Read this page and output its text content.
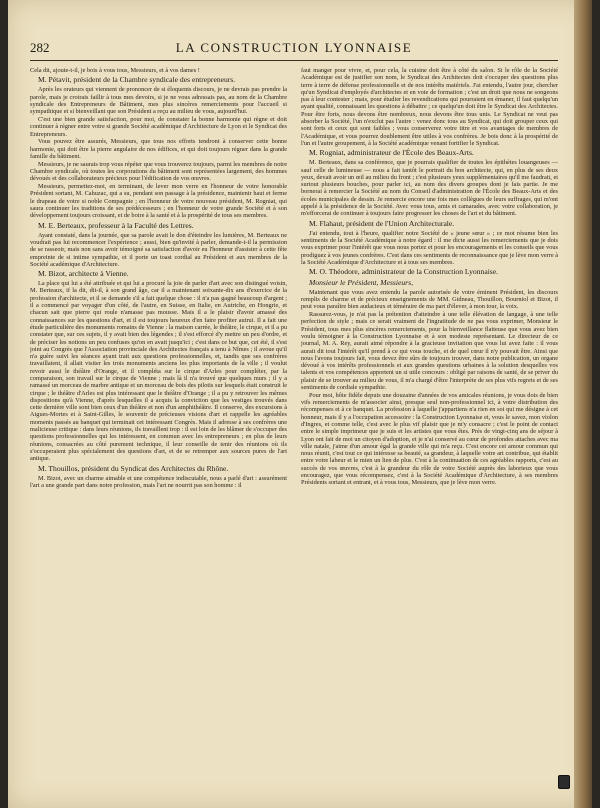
282	LA CONSTRUCTION LYONNAISE

Cela dit, ajoute-t-il, je bois à vous tous, Messieurs, et à vos dames !

M. Pétavit, président de la Chambre syndicale des entrepreneurs.

Après les orateurs qui viennent de prononcer de si éloquents discours, je ne devrais pas prendre la parole, mais je croirais faillir à tous mes devoirs, si je ne vous adressais pas, au nom de la Chambre syndicale des Entrepreneurs de Bâtiment, mes plus sincères remerciements pour l'accueil si sympathique et si bienveillant que son Président a reçu au milieu de vous, aujourd'hui.

C'est une bien grande satisfaction, pour moi, de constater la bonne harmonie qui règne et doit continuer à régner entre votre si grande Société académique d'Architecture de Lyon et le Syndicat des Entrepreneurs.

Vous pouvez être assurés, Messieurs, que tous nos efforts tendront à conserver cette bonne harmonie, qui doit être la pierre angulaire de nos édifices, et qui doit toujours régner dans la grande famille du bâtiment.

Messieurs, je ne saurais trop vous répéter que vous trouverez toujours, parmi les membres de notre Chambre syndicale, où toutes les corporations du bâtiment sont représentées largement, des hommes dévoués et des collaborateurs précieux pour l'édification de vos œuvres.

Messieurs, permettez-moi, en terminant, de lever mon verre en l'honneur de votre honorable Président sortant, M. Cahuzac, qui a su, pendant son passage à la présidence, maintenir haut et ferme le drapeau de votre si noble Compagnie ; en l'honneur de votre nouveau président, M. Rogniat, qui saura continuer les traditions de ses prédécesseurs ; en l'honneur de votre grande Société et à son développement toujours croissant, et de boire à la santé et à la prospérité de tous ses membres.

M. E. Berteaux, professeur à la Faculté des Lettres.

Ayant constaté, dans la journée, que sa parole avait le don d'éteindre les lumières, M. Berteaux ne voudrait pas lui recommencer l'expérience ; aussi, bien qu'invité à parler, demande-t-il la permission de se rasseoir, mais non sans avoir témoigné sa satisfaction d'avoir eu l'honneur d'assister à cette fête empreinte de si intime sympathie, et il porte un toast cordial au Président et aux membres de la Société académique d'Architecture.

M. Bizot, architecte à Vienne.

La place qui lui a été attribuée et qui lui a procuré la joie de parler d'art avec son distingué voisin, M. Berteaux, if la dit, dit-il, à son grand âge, car il a maintenant soixante-dix ans d'exercice de la profession d'architecte, et il se demande s'il a fait quelque chose : il n'a pas gagné beaucoup d'argent ; il a commencé par voyager d'un côté, de l'autre, en Suisse, en Italie, en Autriche, en Hongrie, et chacun sait que pierre qui roule n'amasse pas mousse. Mais il a le plaisir d'avoir amassé des connaissances sur les questions d'art, et il est toujours heureux d'en faire profiter autrui. Il a fait une étude particulière des monuments romains de Vienne : la maison carrée, le théâtre, le cirque, et il a pu constater que, sur ces sujets, il y avait bien des légendes ; il s'est efforcé d'y mettre un peu d'ordre, et de préciser les notions un peu confuses qu'on en avait jusqu'ici ; c'est dans ce but que, cet été, il s'est joint au Congrès que l'Association provinciale des Architectes français a tenu à Nîmes ; il avoue qu'il n'a guère suivi les séances ayant trait aux questions professionnelles, et, tandis que ses confrères travaillaient, il allait visiter les trois monuments anciens les plus importants de la ville ; il voulut revoir aussi le théâtre d'Orange, et il compléta sur le cirque d'Arles pour compléter, par la comparaison, son travail sur le cirque de Vienne ; mais là il n'a trouvé que quelques murs ; il y a ramassé un morceau de marbre antique et un morceau de bois des pilotis sur lesquels était construit le cirque ; le théâtre d'Arles est plus intéressant que le théâtre d'Orange ; il a pu y retrouver les mêmes dispositions qu'à Vienne, d'après lesquelles il a acquis la conviction que les vestiges trouvés dans cette dernière ville sont bien ceux d'un théâtre et non d'un amphithéâtre. Il conserve, des excursions à Aigues-Mortes et à Saint-Gilles, le souvenir de précieuses visions d'art et rappelle les agréables moments passés au banquet qui terminait cet intéressant Congrès. Mais il adresse à ses confrères une malicieuse critique : dans leurs réunions, ils travaillent trop : il est loin de les blâmer de s'occuper des questions professionnelles qui les intéressent, en commun avec les entrepreneurs ; en plus de leurs réunions, consacrées au côté purement technique, il leur conseille de tenir des réunions où ils s'occuperaient plus spécialement des questions d'art, et de se retremper aux sources pures de l'art antique.

M. Thouillos, président du Syndicat des Architectes du Rhône.

M. Bizot, avec un charme aimable et une compétence indiscutable, nous a parlé d'art : assurément l'art a une grande part dans notre profession, mais l'art ne nourrit pas son homme : il

faut manger pour vivre, et, pour cela, la cuisine doit être à côté du salon. Si le rôle de la Société Académique est de justifier son nom, le Syndicat des Architectes doit s'occuper des questions plus terre à terre de défense professionnelle et de nos intérêts matériels. J'ai entendu, l'autre jour, chercher qu'un Syndicat d'employés d'architectes et en voie de formation ; c'est un droit que nous ne songeons pas à leur contester ; mais, pour étudier les revendications qui pourraient en émaner, il faut quelqu'un ayant qualité, connaissant les questions à débattre ; ce quelqu'un doit être le Syndicat des Architectes. Pour être forts, nous devons être nombreux, nous devons être tous unis. Le Syndicat ne veut pas absorber la Société, l'un n'exclut pas l'autre : venez donc tous au Syndicat, qui doit grouper ceux qui sont forts et ceux qui sont faibles ; vous conserverez votre titre et vos avantages de membres de l'Académique, et vous pourrez doublement être utiles à vos confrères. Je bois donc à la prospérité de l'un et l'autre groupement, à la Société académique venant fortifier le Syndicat.

M. Rogniat, administrateur de l'École des Beaux-Arts.

M. Berteaux, dans sa conférence, que je pourrais qualifier de toutes les épithètes louangeuses — sauf celle de lumineuse — nous a fait tantôt le portrait du bon architecte, qui, en plus de ses deux yeux, devait avoir un œil au milieu du front ; c'est plusieurs yeux supplémentaires qu'il me faudrait, et surtout plusieurs bouches, pour parler ici, au nom des divers groupes dont je fais partie. Je me bornerai à remercier la Société au nom du Conseil d'administration de l'École des Beaux-Arts et des écoles municipales de dessin. Je remercie encore une fois mes collègues de leurs suffrages, qui m'ont appelé à la présidence de la Société. Avec vous tous, amis et camarades, avec votre collaboration, je m'efforcerai de continuer à toujours faire progresser les choses de l'art et du bâtiment.

M. Flahaut, président de l'Union Architecturale.

J'ai entendu, tout à l'heure, qualifier notre Société de « jeune sœur » ; ce mot résume bien les sentiments de la Société Académique à notre égard : il me dicte aussi les remerciements que je dois vous exprimer pour l'intérêt que vous nous portez et pour les encouragements et les conseils que vous prodiguez à vos jeunes confrères. C'est dans ces sentiments de reconnaissance que je lève mon verre à la Société Académique d'Architecture et à tous ses membres.

M. O. Théodore, administrateur de la Construction Lyonnaise.
Monsieur le Président, Messieurs,

Maintenant que vous avez entendu la parole autorisée de votre éminent Président, les discours remplis de charme et de précieux enseignements de MM. Gidneau, Thouillon, Bourniol et Bizot, il peut vous paraître bien audacieux et téméraire de ma part d'élever, à mon tour, la voix.

Rassurez-vous, je n'ai pas la prétention d'atteindre à une telle élévation de langage, à une telle perfection de style ; mais ce serait vraiment de l'ingratitude de ne pas vous exprimer, Monsieur le Président, tous mes plus sincères remerciements, pour la bienveillance flatteuse que vous avez bien voulu témoigner à la Construction Lyonnaise et à son modeste représentant. Le directeur de ce journal, M. A. Rey, aurait aimé répondre à la gracieuse invitation que vous lui avez faite : il vous aurait dit tout l'intérêt qu'il prend à ce qui vous touche, et de quel cœur il n'y pouvait être. Ainsi que nous l'avons toujours fait, vous devez être sûrs de toujours trouver, dans notre publication, un organe dévoué à vos intérêts professionnels et aux grandes questions urbaines à la solution desquelles vos talents et vos compétences apportent un si utile concours : obligé par raisons de santé, de se priver du plaisir de se trouver au milieu de vous, il m'a chargé d'être l'interprète de ses plus vifs regrets et de ses sentiments de cordiale sympathie.

Pour moi, hôte fidèle depuis une douzaine d'années de vos amicales réunions, je vous dois de bien vifs remerciements de m'associer ainsi, presque seul non-professionnel ici, à votre distribution des récompenses et à ce banquet. La profession à laquelle j'appartiens n'a rien en soi qui me désigne à cet honneur, mais il y a l'occupation accessoire : la Construction Lyonnaise et, vous le savez, mon violon d'Ingres, et comme telle, c'est avec le plus vif plaisir que je m'y consacre ; c'est le point de contact entre le simple imprimeur que je suis et les artistes que vous êtes. Près de vingt-cinq ans de séjour à Lyon ont fait de moi un citoyen d'adoption, et je n'ai conservé au cœur de profondes attaches avec ma ville natale, j'aime d'un amour égal la grande ville qui m'a reçu. C'est encore cet amour commun qui nous réunit, c'est tout ce qui intéresse sa beauté, sa grandeur, à laquelle votre art contribue, qui établit entre votre labeur et le mien un lien de plus. C'est à la continuation de ces agréables rapports, c'est au succès de vos œuvres, c'est à la grandeur du rôle de votre Société auprès des laborieux que vous encouragez, que vous récompensez, c'est à la Société Académique d'Architecture, à ses membres Présidents sortant et entrant, et à vous tous, Messieurs, que je lève mon verre.
